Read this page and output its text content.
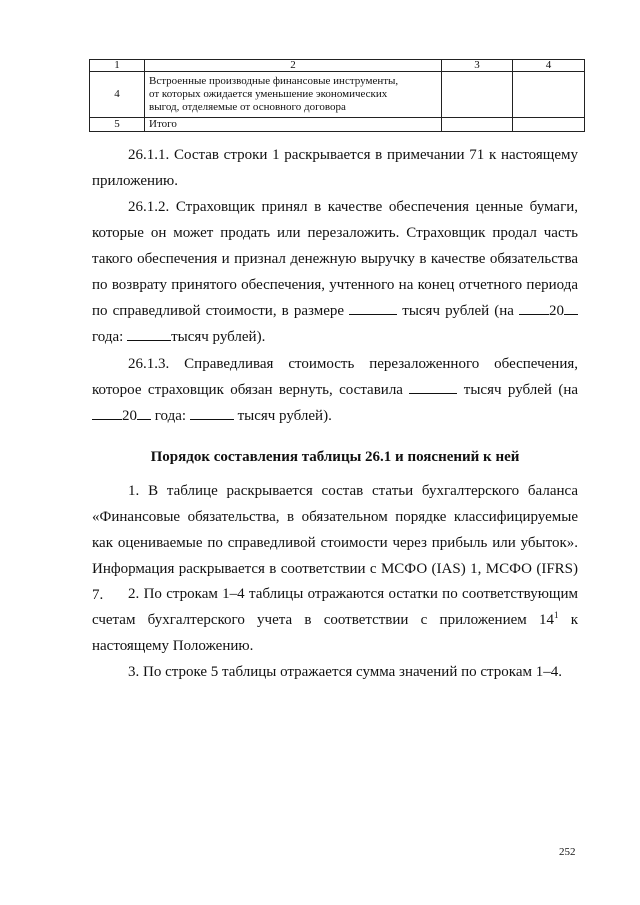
1	2	3	4
4	Встроенные производные финансовые инструменты,
от которых ожидается уменьшение экономических
выгод, отделяемые от основного договора		

5	Итого		

26.1.1. Состав строки 1 раскрывается в примечании 71 к настоящему приложению.

26.1.2. Страховщик принял в качестве обеспечения ценные бумаги, которые он может продать или перезаложить. Страховщик продал часть такого обеспечения и признал денежную выручку в качестве обязательства по возврату принятого обеспечения, учтенного на конец отчетного периода по справедливой стоимости, в размере	тысяч рублей (на 20 года:	тысяч рублей).

26.1.3. Справедливая стоимость перезаложенного обеспечения, которое страховщик обязан вернуть, составила	тысяч рублей (на 20 года:	тысяч рублей).

Порядок составления таблицы 26.1 и пояснений к ней

1. В таблице раскрывается состав статьи бухгалтерского баланса «Финансовые обязательства, в обязательном порядке классифицируемые как оцениваемые по справедливой стоимости через прибыль или убыток». Информация раскрывается в соответствии с МСФО (IAS) 1, МСФО (IFRS) 7.	2. По строкам 1–4 таблицы отражаются остатки по соответствующим счетам бухгалтерского учета в соответствии с приложением $14^1$ к настоящему Положению.

3. По строке 5 таблицы отражается сумма значений по строкам 1–4.

252
